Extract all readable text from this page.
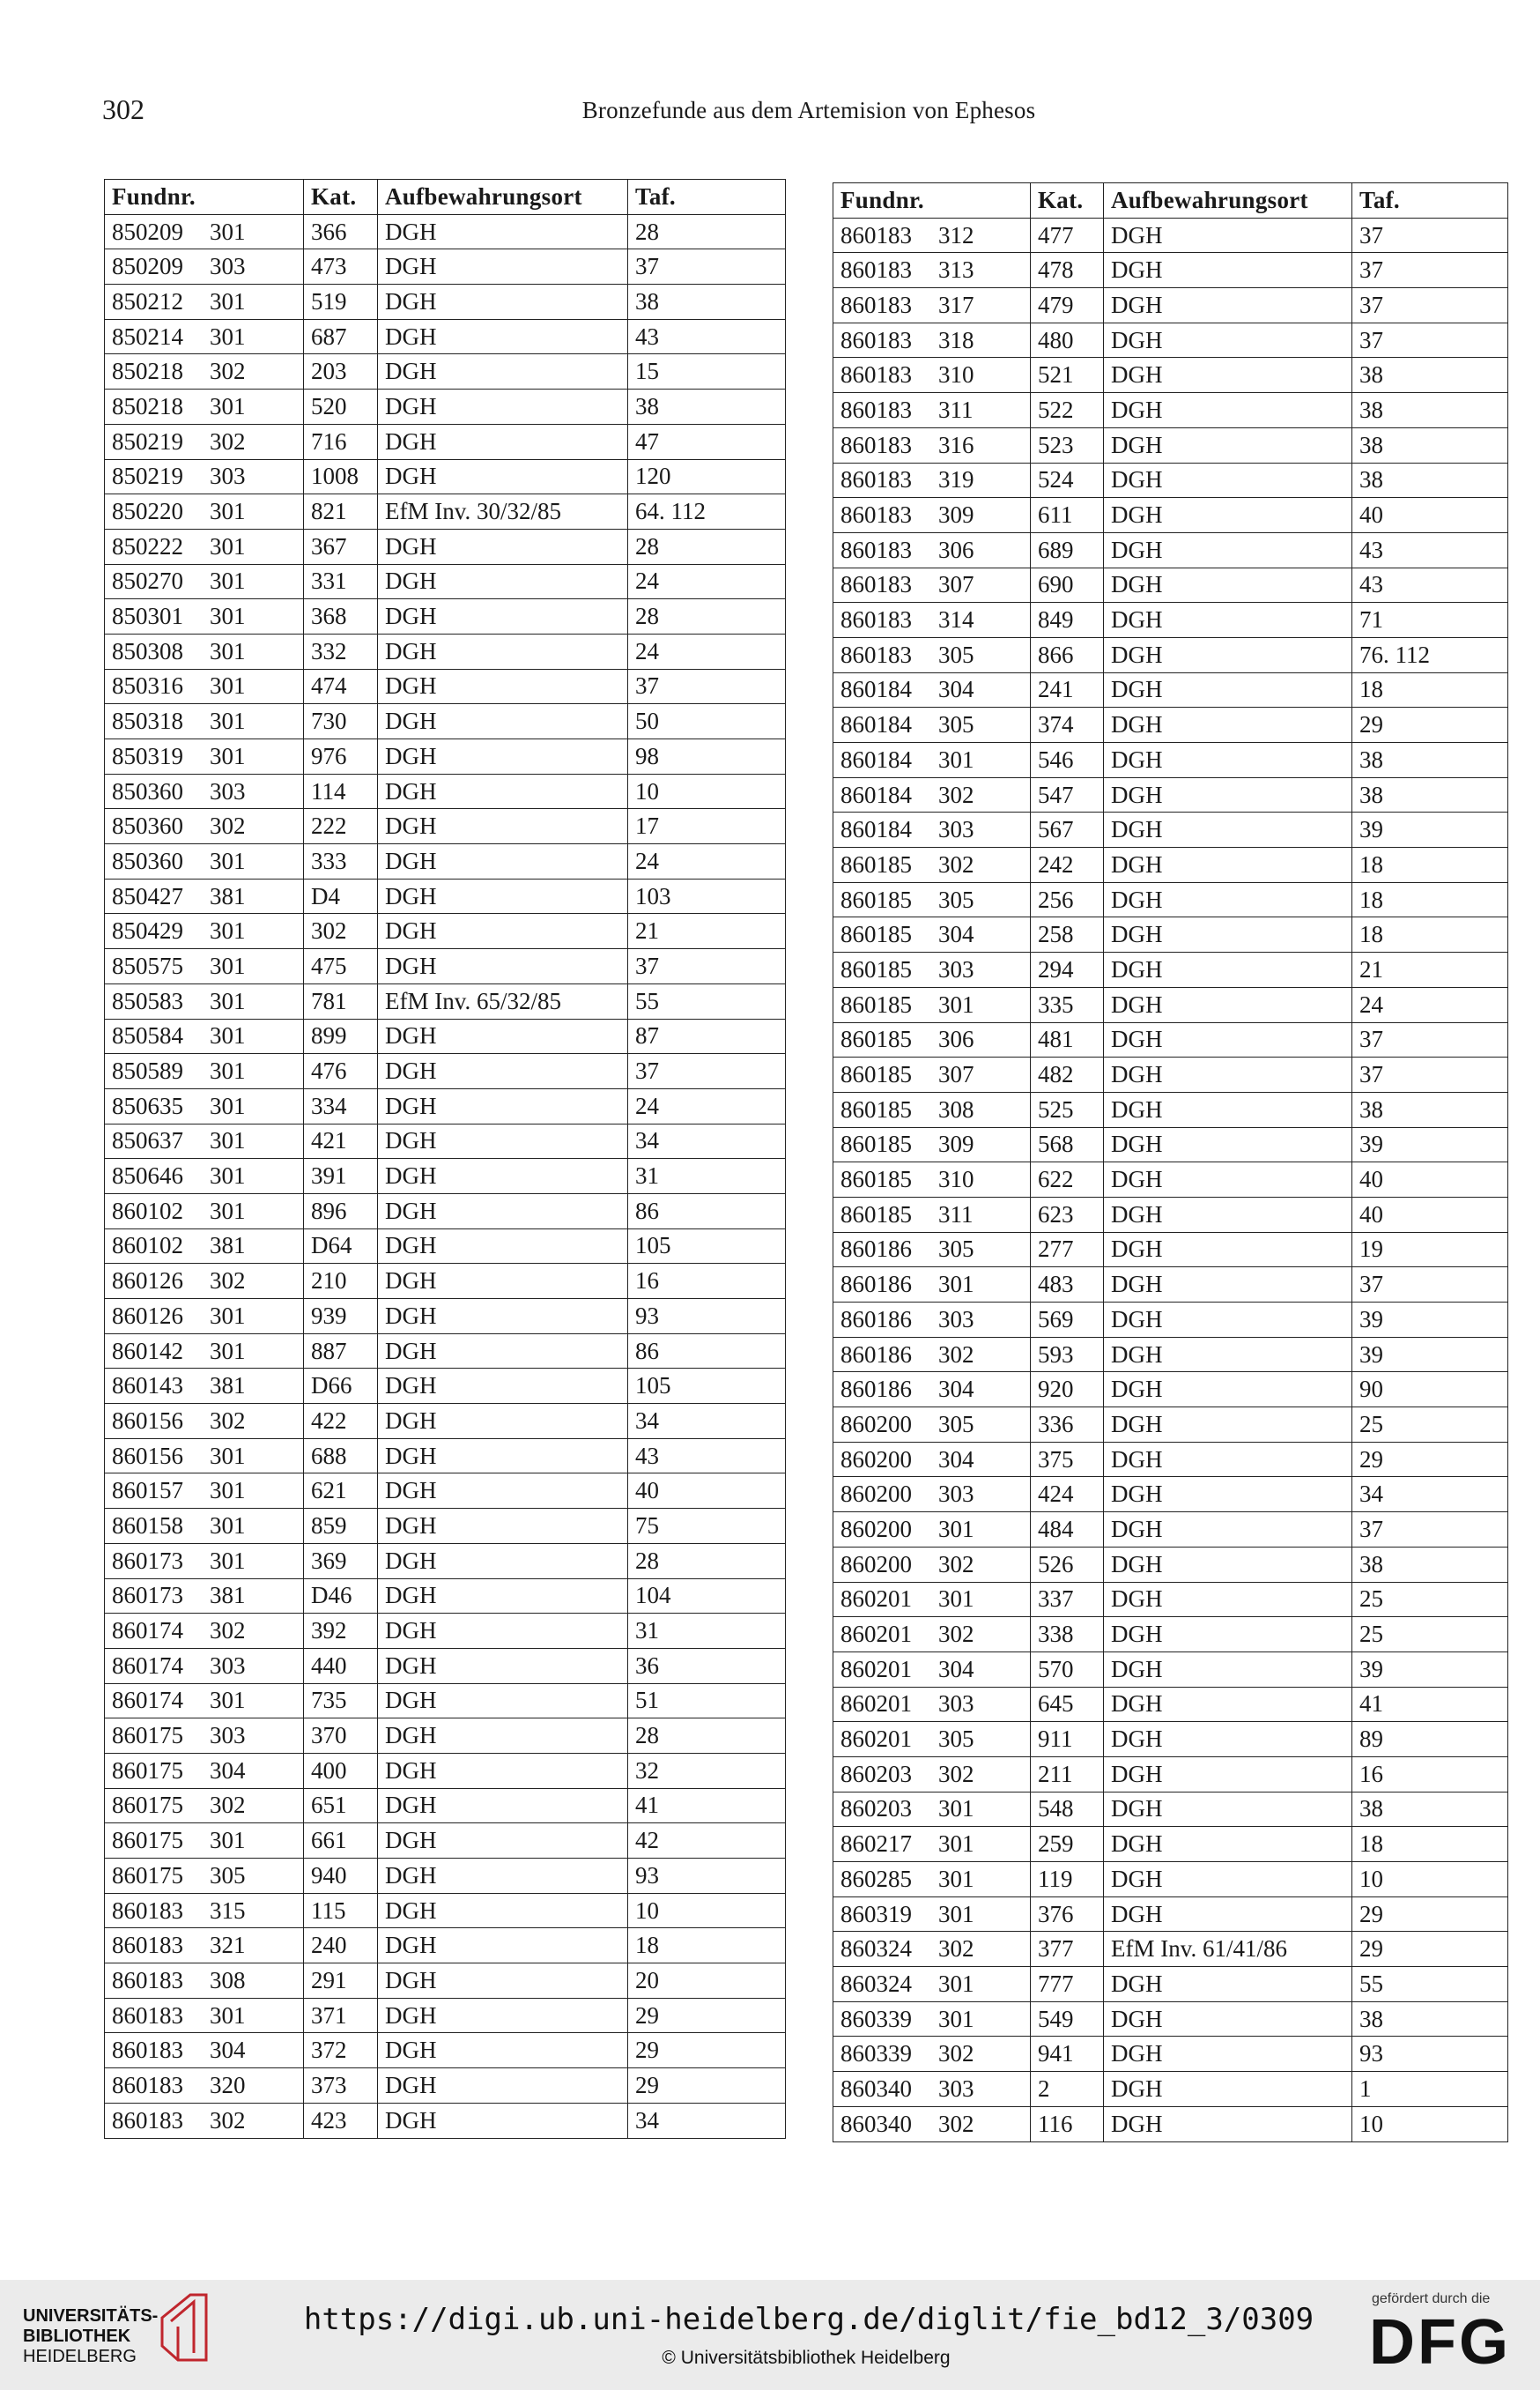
302	Bronzefunde aus dem Artemision von Ephesos
Fundnr.	Kat.	Aufbewahrungsort	Taf.
850209 301	366	DGH	28
850209 303	473	DGH	37
850212 301	519	DGH	38
850214 301	687	DGH	43
850218 302	203	DGH	15
850218 301	520	DGH	38
850219 302	716	DGH	47
850219 303	1008	DGH	120
850220 301	821	EfM Inv. 30/32/85	64. 112
850222 301	367	DGH	28
850270 301	331	DGH	24
850301 301	368	DGH	28
850308 301	332	DGH	24
850316 301	474	DGH	37
850318 301	730	DGH	50
850319 301	976	DGH	98
850360 303	114	DGH	10
850360 302	222	DGH	17
850360 301	333	DGH	24
850427 381	D4	DGH	103
850429 301	302	DGH	21
850575 301	475	DGH	37
850583 301	781	EfM Inv. 65/32/85	55
850584 301	899	DGH	87
850589 301	476	DGH	37
850635 301	334	DGH	24
850637 301	421	DGH	34
850646 301	391	DGH	31
860102 301	896	DGH	86
860102 381	D64	DGH	105
860126 302	210	DGH	16
860126 301	939	DGH	93
860142 301	887	DGH	86
860143 381	D66	DGH	105
860156 302	422	DGH	34
860156 301	688	DGH	43
860157 301	621	DGH	40
860158 301	859	DGH	75
860173 301	369	DGH	28
860173 381	D46	DGH	104
860174 302	392	DGH	31
860174 303	440	DGH	36
860174 301	735	DGH	51
860175 303	370	DGH	28
860175 304	400	DGH	32
860175 302	651	DGH	41
860175 301	661	DGH	42
860175 305	940	DGH	93
860183 315	115	DGH	10
860183 321	240	DGH	18
860183 308	291	DGH	20
860183 301	371	DGH	29
860183 304	372	DGH	29
860183 320	373	DGH	29
860183 302	423	DGH	34
Fundnr.	Kat.	Aufbewahrungsort	Taf.
860183 312	477	DGH	37
860183 313	478	DGH	37
860183 317	479	DGH	37
860183 318	480	DGH	37
860183 310	521	DGH	38
860183 311	522	DGH	38
860183 316	523	DGH	38
860183 319	524	DGH	38
860183 309	611	DGH	40
860183 306	689	DGH	43
860183 307	690	DGH	43
860183 314	849	DGH	71
860183 305	866	DGH	76. 112
860184 304	241	DGH	18
860184 305	374	DGH	29
860184 301	546	DGH	38
860184 302	547	DGH	38
860184 303	567	DGH	39
860185 302	242	DGH	18
860185 305	256	DGH	18
860185 304	258	DGH	18
860185 303	294	DGH	21
860185 301	335	DGH	24
860185 306	481	DGH	37
860185 307	482	DGH	37
860185 308	525	DGH	38
860185 309	568	DGH	39
860185 310	622	DGH	40
860185 311	623	DGH	40
860186 305	277	DGH	19
860186 301	483	DGH	37
860186 303	569	DGH	39
860186 302	593	DGH	39
860186 304	920	DGH	90
860200 305	336	DGH	25
860200 304	375	DGH	29
860200 303	424	DGH	34
860200 301	484	DGH	37
860200 302	526	DGH	38
860201 301	337	DGH	25
860201 302	338	DGH	25
860201 304	570	DGH	39
860201 303	645	DGH	41
860201 305	911	DGH	89
860203 302	211	DGH	16
860203 301	548	DGH	38
860217 301	259	DGH	18
860285 301	119	DGH	10
860319 301	376	DGH	29
860324 302	377	EfM Inv. 61/41/86	29
860324 301	777	DGH	55
860339 301	549	DGH	38
860339 302	941	DGH	93
860340 303	2	DGH	1
860340 302	116	DGH	10
UNIVERSITÄTS-
BIBLIOTHEK
HEIDELBERG
https://digi.ub.uni-heidelberg.de/diglit/fie_bd12_3/0309
© Universitätsbibliothek Heidelberg
gefördert durch die
DFG
